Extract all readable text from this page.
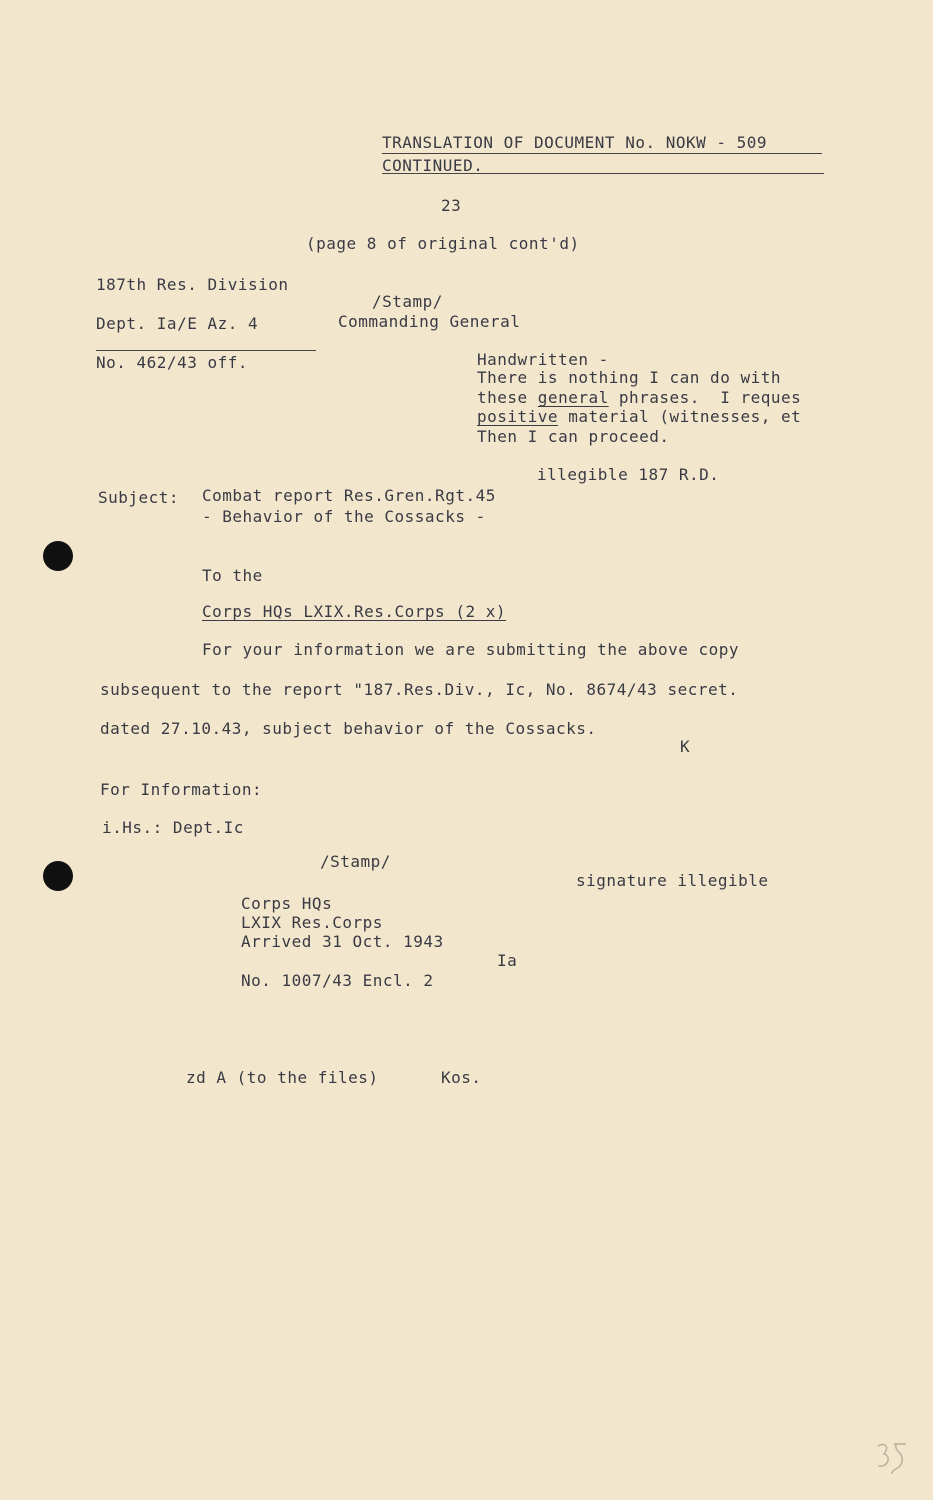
TRANSLATION OF DOCUMENT No. NOKW - 509
CONTINUED.
23
(page 8 of original cont'd)
187th Res. Division
/Stamp/
Dept. Ia/E Az. 4	Commanding General
No. 462/43 off.	Handwritten -
There is nothing I can do with
these general phrases.  I reques
positive material (witnesses, et
Then I can proceed.
illegible 187 R.D.
Subject: Combat report Res.Gren.Rgt.45
- Behavior of the Cossacks -
To the
Corps HQs LXIX.Res.Corps (2 x)
For your information we are submitting the above copy
subsequent to the report "187.Res.Div., Ic, No. 8674/43 secret.
dated 27.10.43, subject behavior of the Cossacks.
K
For Information:
i.Hs.: Dept.Ic
/Stamp/
signature illegible
Corps HQs
LXIX Res.Corps
Arrived 31 Oct. 1943
Ia
No. 1007/43 Encl. 2
zd A (to the files)	Kos.
